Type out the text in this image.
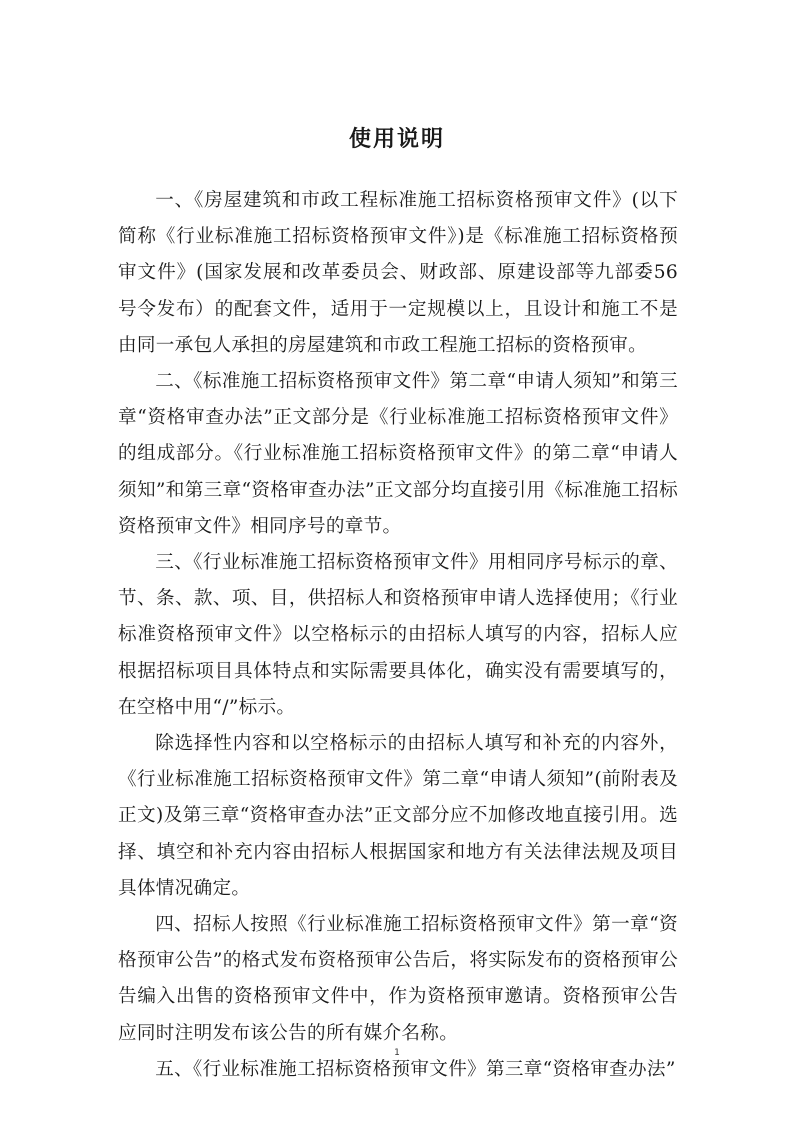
使用说明

一、《房屋建筑和市政工程标准施工招标资格预审文件》(以下简称《行业标准施工招标资格预审文件》)是《标准施工招标资格预审文件》(国家发展和改革委员会、财政部、原建设部等九部委56号令发布）的配套文件，适用于一定规模以上，且设计和施工不是由同一承包人承担的房屋建筑和市政工程施工招标的资格预审。

二、《标准施工招标资格预审文件》第二章“申请人须知”和第三章“资格审查办法”正文部分是《行业标准施工招标资格预审文件》的组成部分。《行业标准施工招标资格预审文件》的第二章“申请人须知”和第三章“资格审查办法”正文部分均直接引用《标准施工招标资格预审文件》相同序号的章节。

三、《行业标准施工招标资格预审文件》用相同序号标示的章、节、条、款、项、目，供招标人和资格预审申请人选择使用；《行业标准资格预审文件》以空格标示的由招标人填写的内容，招标人应根据招标项目具体特点和实际需要具体化，确实没有需要填写的，在空格中用“/”标示。

除选择性内容和以空格标示的由招标人填写和补充的内容外，《行业标准施工招标资格预审文件》第二章“申请人须知”(前附表及正文)及第三章“资格审查办法”正文部分应不加修改地直接引用。选择、填空和补充内容由招标人根据国家和地方有关法律法规及项目具体情况确定。

四、招标人按照《行业标准施工招标资格预审文件》第一章“资格预审公告”的格式发布资格预审公告后，将实际发布的资格预审公告编入出售的资格预审文件中，作为资格预审邀请。资格预审公告应同时注明发布该公告的所有媒介名称。

五、《行业标准施工招标资格预审文件》第三章“资格审查办法”

1
